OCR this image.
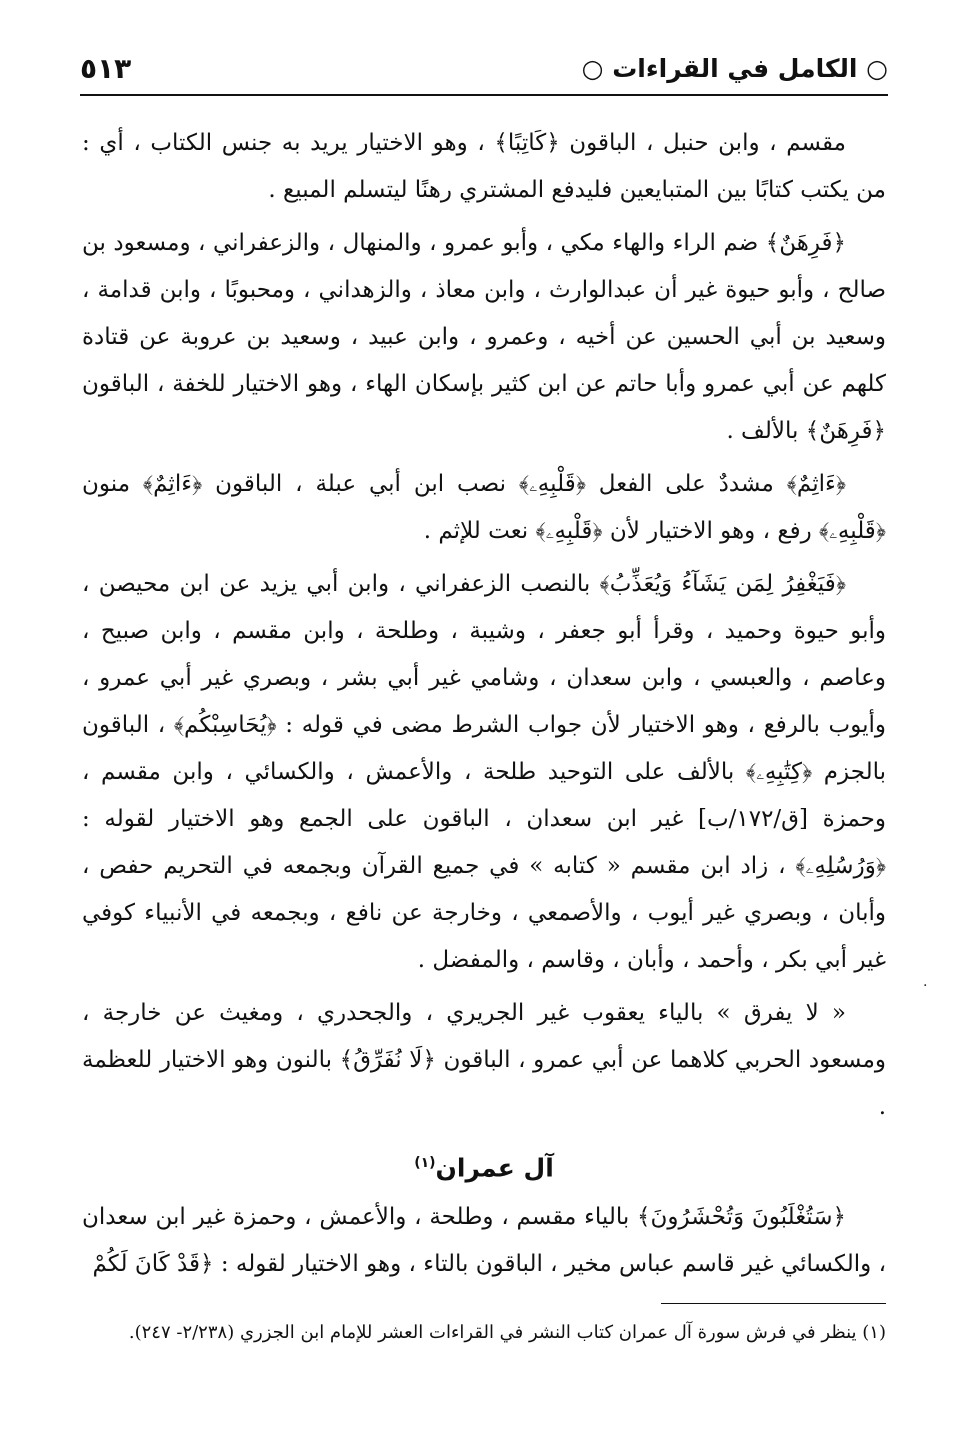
○ الكامل في القراءات ○
٥١٣

مقسم ، وابن حنبل ، الباقون ﴿كَاتِبًا﴾ ، وهو الاختيار يريد به جنس الكتاب ، أي : من يكتب كتابًا بين المتبايعين فليدفع المشتري رهنًا ليتسلم المبيع .

﴿فَرِهَنٌ﴾ ضم الراء والهاء مكي ، وأبو عمرو ، والمنهال ، والزعفراني ، ومسعود بن صالح ، وأبو حيوة غير أن عبدالوارث ، وابن معاذ ، والزهداني ، ومحبوبًا ، وابن قدامة ، وسعيد بن أبي الحسين عن أخيه ، وعمرو ، وابن عبيد ، وسعيد بن عروبة عن قتادة كلهم عن أبي عمرو وأبا حاتم عن ابن كثير بإسكان الهاء ، وهو الاختيار للخفة ، الباقون ﴿فَرِهَنٌ﴾ بالألف .

﴿ءَاثِمٌ﴾ مشددٌ على الفعل ﴿قَلْبِهِۦ﴾ نصب ابن أبي عبلة ، الباقون ﴿ءَاثِمٌ﴾ منون ﴿قَلْبِهِۦ﴾ رفع ، وهو الاختيار لأن ﴿قَلْبِهِۦ﴾ نعت للإثم .

﴿فَيَغْفِرُ لِمَن يَشَآءُ وَيُعَذِّبُ﴾ بالنصب الزعفراني ، وابن أبي يزيد عن ابن محيصن ، وأبو حيوة وحميد ، وقرأ أبو جعفر ، وشيبة ، وطلحة ، وابن مقسم ، وابن صبيح ، وعاصم ، والعبسي ، وابن سعدان ، وشامي غير أبي بشر ، وبصري غير أبي عمرو ، وأيوب بالرفع ، وهو الاختيار لأن جواب الشرط مضى في قوله : ﴿يُحَاسِبْكُم﴾ ، الباقون بالجزم ﴿كِتَٰبِهِۦ﴾ بالألف على التوحيد طلحة ، والأعمش ، والكسائي ، وابن مقسم ، وحمزة [ق/١٧٢/ب] غير ابن سعدان ، الباقون على الجمع وهو الاختيار لقوله : ﴿وَرُسُلِهِۦ﴾ ، زاد ابن مقسم « كتابه » في جميع القرآن وبجمعه في التحريم حفص ، وأبان ، وبصري غير أيوب ، والأصمعي ، وخارجة عن نافع ، وبجمعه في الأنبياء كوفي غير أبي بكر ، وأحمد ، وأبان ، وقاسم ، والمفضل .

« لا يفرق » بالياء يعقوب غير الجريري ، والجحدري ، ومغيث عن خارجة ، ومسعود الحربي كلاهما عن أبي عمرو ، الباقون ﴿لَا نُفَرِّقُ﴾ بالنون وهو الاختيار للعظمة .

آل عمران$^{(١)}$

﴿سَتُغْلَبُونَ وَتُحْشَرُونَ﴾ بالياء مقسم ، وطلحة ، والأعمش ، وحمزة غير ابن سعدان ، والكسائي غير قاسم عباس مخير ، الباقون بالتاء ، وهو الاختيار لقوله : ﴿قَدْ كَانَ لَكُمْ

(١) ينظر في فرش سورة آل عمران كتاب النشر في القراءات العشر للإمام ابن الجزري (٢/٢٣٨- ٢٤٧).

.
